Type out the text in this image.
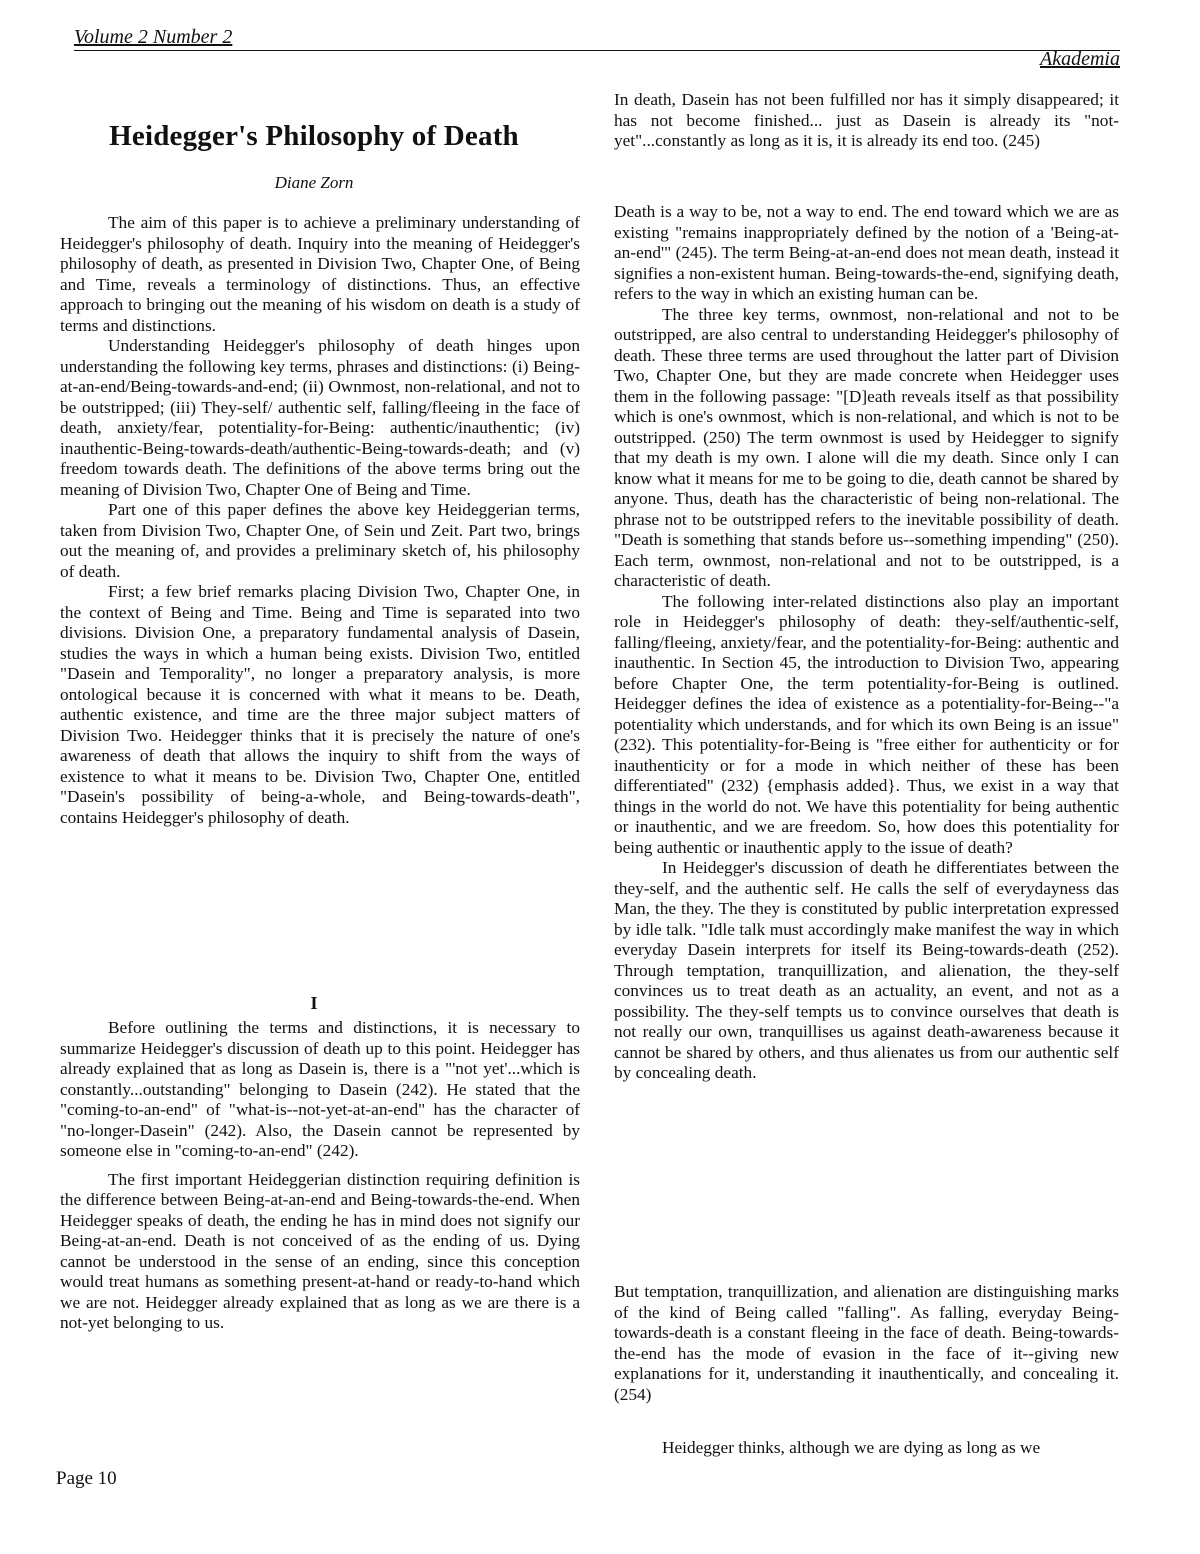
Volume 2 Number 2
Akademia
Heidegger's Philosophy of Death
Diane Zorn

The aim of this paper is to achieve a preliminary understanding of Heidegger's philosophy of death. Inquiry into the meaning of Heidegger's philosophy of death, as presented in Division Two, Chapter One, of Being and Time, reveals a terminology of distinctions. Thus, an effective approach to bringing out the meaning of his wisdom on death is a study of terms and distinctions.

Understanding Heidegger's philosophy of death hinges upon understanding the following key terms, phrases and distinctions: (i) Being-at-an-end/Being-towards-and-end; (ii) Ownmost, non-relational, and not to be outstripped; (iii) They-self/ authentic self, falling/fleeing in the face of death, anxiety/fear, potentiality-for-Being: authentic/inauthentic; (iv) inauthentic-Being-towards-death/authentic-Being-towards-death; and (v) freedom towards death. The definitions of the above terms bring out the meaning of Division Two, Chapter One of Being and Time.

Part one of this paper defines the above key Heideggerian terms, taken from Division Two, Chapter One, of Sein und Zeit. Part two, brings out the meaning of, and provides a preliminary sketch of, his philosophy of death.

First; a few brief remarks placing Division Two, Chapter One, in the context of Being and Time. Being and Time is separated into two divisions. Division One, a preparatory fundamental analysis of Dasein, studies the ways in which a human being exists. Division Two, entitled "Dasein and Temporality", no longer a preparatory analysis, is more ontological because it is concerned with what it means to be. Death, authentic existence, and time are the three major subject matters of Division Two. Heidegger thinks that it is precisely the nature of one's awareness of death that allows the inquiry to shift from the ways of existence to what it means to be. Division Two, Chapter One, entitled "Dasein's possibility of being-a-whole, and Being-towards-death", contains Heidegger's philosophy of death.

I

Before outlining the terms and distinctions, it is necessary to summarize Heidegger's discussion of death up to this point. Heidegger has already explained that as long as Dasein is, there is a "'not yet'...which is constantly...outstanding" belonging to Dasein (242). He stated that the "coming-to-an-end" of "what-is--not-yet-at-an-end" has the character of "no-longer-Dasein" (242). Also, the Dasein cannot be represented by someone else in "coming-to-an-end" (242).

The first important Heideggerian distinction requiring definition is the difference between Being-at-an-end and Being-towards-the-end. When Heidegger speaks of death, the ending he has in mind does not signify our Being-at-an-end. Death is not conceived of as the ending of us. Dying cannot be understood in the sense of an ending, since this conception would treat humans as something present-at-hand or ready-to-hand which we are not. Heidegger already explained that as long as we are there is a not-yet belonging to us.

In death, Dasein has not been fulfilled nor has it simply disappeared; it has not become finished... just as Dasein is already its "not-yet"...constantly as long as it is, it is already its end too. (245)

Death is a way to be, not a way to end. The end toward which we are as existing "remains inappropriately defined by the notion of a 'Being-at-an-end'" (245). The term Being-at-an-end does not mean death, instead it signifies a non-existent human. Being-towards-the-end, signifying death, refers to the way in which an existing human can be.

The three key terms, ownmost, non-relational and not to be outstripped, are also central to understanding Heidegger's philosophy of death. These three terms are used throughout the latter part of Division Two, Chapter One, but they are made concrete when Heidegger uses them in the following passage: "[D]eath reveals itself as that possibility which is one's ownmost, which is non-relational, and which is not to be outstripped. (250) The term ownmost is used by Heidegger to signify that my death is my own. I alone will die my death. Since only I can know what it means for me to be going to die, death cannot be shared by anyone. Thus, death has the characteristic of being non-relational. The phrase not to be outstripped refers to the inevitable possibility of death. "Death is something that stands before us--something impending" (250). Each term, ownmost, non-relational and not to be outstripped, is a characteristic of death.

The following inter-related distinctions also play an important role in Heidegger's philosophy of death: they-self/authentic-self, falling/fleeing, anxiety/fear, and the potentiality-for-Being: authentic and inauthentic. In Section 45, the introduction to Division Two, appearing before Chapter One, the term potentiality-for-Being is outlined. Heidegger defines the idea of existence as a potentiality-for-Being--"a potentiality which understands, and for which its own Being is an issue" (232). This potentiality-for-Being is "free either for authenticity or for inauthenticity or for a mode in which neither of these has been differentiated" (232) {emphasis added}. Thus, we exist in a way that things in the world do not. We have this potentiality for being authentic or inauthentic, and we are freedom. So, how does this potentiality for being authentic or inauthentic apply to the issue of death?

In Heidegger's discussion of death he differentiates between the they-self, and the authentic self. He calls the self of everydayness das Man, the they. The they is constituted by public interpretation expressed by idle talk. "Idle talk must accordingly make manifest the way in which everyday Dasein interprets for itself its Being-towards-death (252). Through temptation, tranquillization, and alienation, the they-self convinces us to treat death as an actuality, an event, and not as a possibility. The they-self tempts us to convince ourselves that death is not really our own, tranquillises us against death-awareness because it cannot be shared by others, and thus alienates us from our authentic self by concealing death.

But temptation, tranquillization, and alienation are distinguishing marks of the kind of Being called "falling". As falling, everyday Being-towards-death is a constant fleeing in the face of death. Being-towards-the-end has the mode of evasion in the face of it--giving new explanations for it, understanding it inauthentically, and concealing it. (254)

Heidegger thinks, although we are dying as long as we

Page 10
